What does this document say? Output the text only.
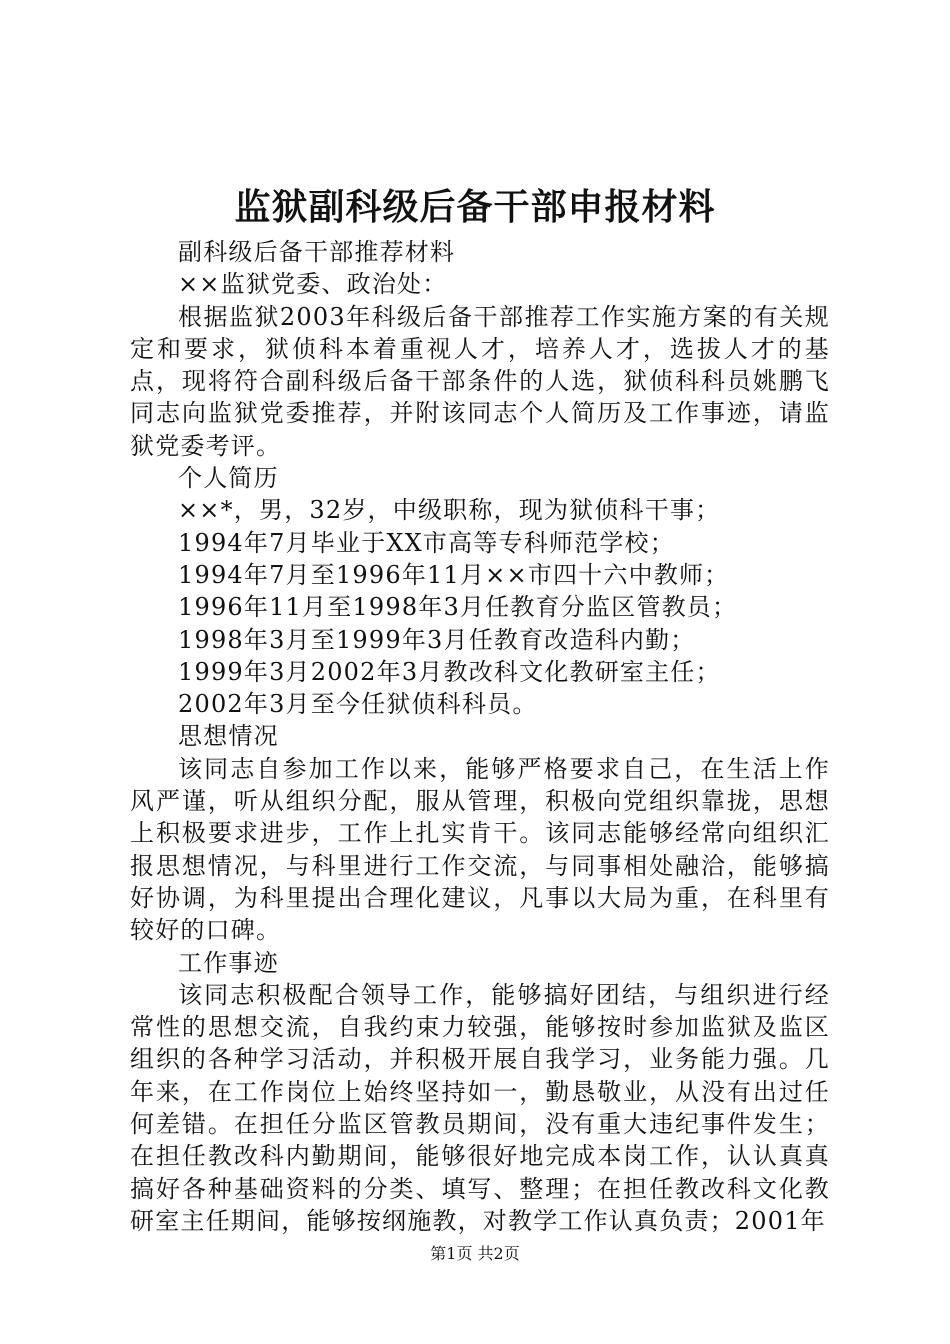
监狱副科级后备干部申报材料
副科级后备干部推荐材料
××监狱党委、政治处：
根据监狱2003年科级后备干部推荐工作实施方案的有关规定和要求，狱侦科本着重视人才，培养人才，选拔人才的基点，现将符合副科级后备干部条件的人选，狱侦科科员姚鹏飞同志向监狱党委推荐，并附该同志个人简历及工作事迹，请监狱党委考评。
个人简历
××*，男，32岁，中级职称，现为狱侦科干事；
1994年7月毕业于XX市高等专科师范学校；
1994年7月至1996年11月××市四十六中教师；
1996年11月至1998年3月任教育分监区管教员；
1998年3月至1999年3月任教育改造科内勤；
1999年3月2002年3月教改科文化教研室主任；
2002年3月至今任狱侦科科员。
思想情况
该同志自参加工作以来，能够严格要求自己，在生活上作风严谨，听从组织分配，服从管理，积极向党组织靠拢，思想上积极要求进步，工作上扎实肯干。该同志能够经常向组织汇报思想情况，与科里进行工作交流，与同事相处融洽，能够搞好协调，为科里提出合理化建议，凡事以大局为重，在科里有较好的口碑。
工作事迹
该同志积极配合领导工作，能够搞好团结，与组织进行经常性的思想交流，自我约束力较强，能够按时参加监狱及监区组织的各种学习活动，并积极开展自我学习，业务能力强。几年来，在工作岗位上始终坚持如一，勤恳敬业，从没有出过任何差错。在担任分监区管教员期间，没有重大违纪事件发生；在担任教改科内勤期间，能够很好地完成本岗工作，认认真真搞好各种基础资料的分类、填写、整理；在担任教改科文化教研室主任期间，能够按纲施教，对教学工作认真负责；2001年
第1页 共2页
